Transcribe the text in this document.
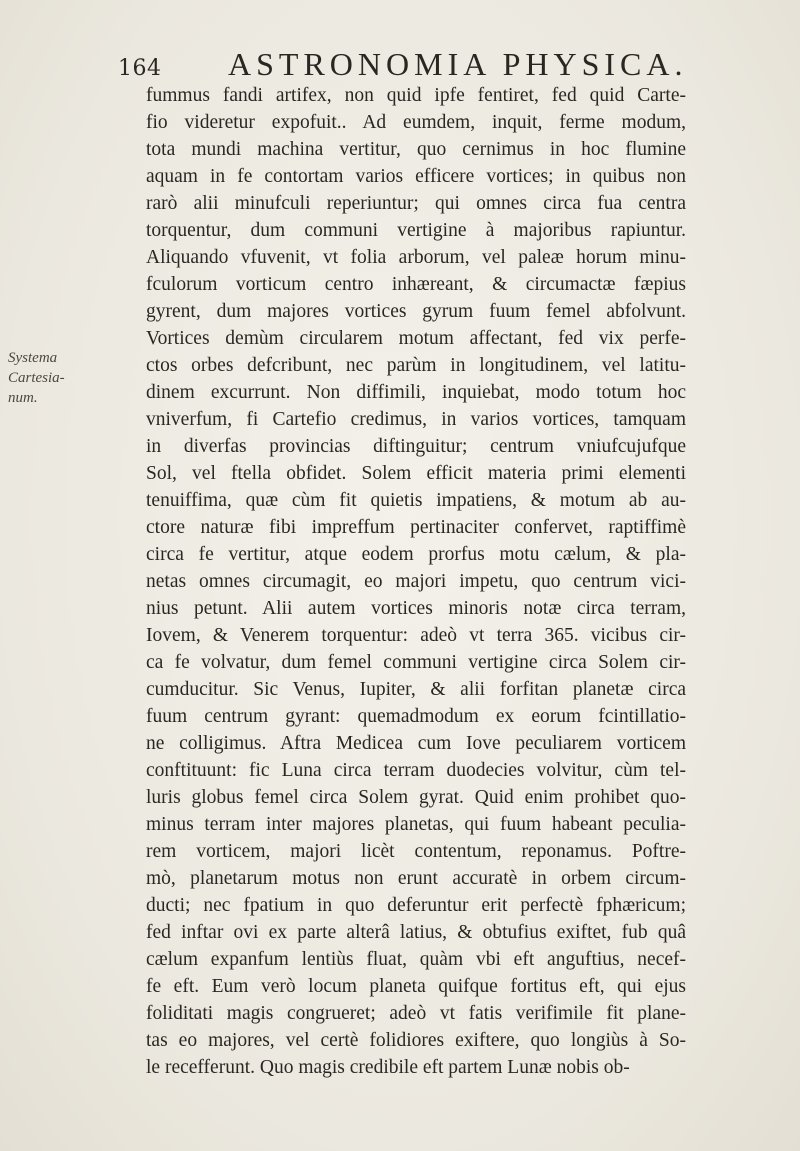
164 ASTRONOMIA PHYSICA.
Systema
Cartesia-
num.
fummus fandi artifex, non quid ipfe fentiret, fed quid Carte-
fio videretur expofuit.. Ad eumdem, inquit, ferme modum,
tota mundi machina vertitur, quo cernimus in hoc flumine
aquam in fe contortam varios efficere vortices; in quibus non
rarò alii minufculi reperiuntur; qui omnes circa fua centra
torquentur, dum communi vertigine à majoribus rapiuntur.
Aliquando vfuvenit, vt folia arborum, vel paleæ horum minu-
fculorum vorticum centro inhæreant, & circumactæ fæpius
gyrent, dum majores vortices gyrum fuum femel abfolvunt.
Vortices demùm circularem motum affectant, fed vix perfe-
ctos orbes defcribunt, nec parùm in longitudinem, vel latitu-
dinem excurrunt. Non diffimili, inquiebat, modo totum hoc
vniverfum, fi Cartefio credimus, in varios vortices, tamquam
in diverfas provincias diftinguitur; centrum vniufcujufque
Sol, vel ftella obfidet. Solem efficit materia primi elementi
tenuiffima, quæ cùm fit quietis impatiens, & motum ab au-
ctore naturæ fibi impreffum pertinaciter confervet, raptiffimè
circa fe vertitur, atque eodem prorfus motu cælum, & pla-
netas omnes circumagit, eo majori impetu, quo centrum vici-
nius petunt. Alii autem vortices minoris notæ circa terram,
Iovem, & Venerem torquentur: adeò vt terra 365. vicibus cir-
ca fe volvatur, dum femel communi vertigine circa Solem cir-
cumducitur. Sic Venus, Iupiter, & alii forfitan planetæ circa
fuum centrum gyrant: quemadmodum ex eorum fcintillatio-
ne colligimus. Aftra Medicea cum Iove peculiarem vorticem
conftituunt: fic Luna circa terram duodecies volvitur, cùm tel-
luris globus femel circa Solem gyrat. Quid enim prohibet quo-
minus terram inter majores planetas, qui fuum habeant peculia-
rem vorticem, majori licèt contentum, reponamus. Poftre-
mò, planetarum motus non erunt accuratè in orbem circum-
ducti; nec fpatium in quo deferuntur erit perfectè fphæricum;
fed inftar ovi ex parte alterâ latius, & obtufius exiftet, fub quâ
cælum expanfum lentiùs fluat, quàm vbi eft anguftius, necef-
fe eft. Eum verò locum planeta quifque fortitus eft, qui ejus
foliditati magis congrueret; adeò vt fatis verifimile fit plane-
tas eo majores, vel certè folidiores exiftere, quo longiùs à So-
le recefferunt. Quo magis credibile eft partem Lunæ nobis ob-
